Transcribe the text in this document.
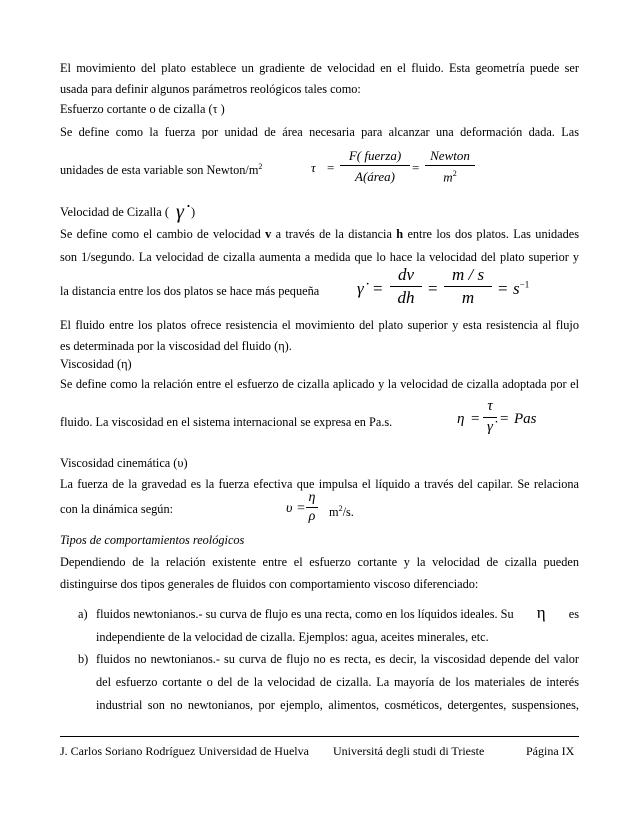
El movimiento del plato establece un gradiente de velocidad en el fluido. Esta geometría puede ser
usada para definir algunos parámetros reológicos tales como:
Esfuerzo cortante o de cizalla (τ )
Se define como la fuerza por unidad de área necesaria para alcanzar una deformación dada. Las
unidades de esta variable son Newton/$m^2$	τ =
F( fuerza)
A(área)
=
Newton
$m^2$
Velocidad de Cizalla ( γ̇ )
Se define como el cambio de velocidad v a través de la distancia h entre los dos platos. Las unidades
son 1/segundo. La velocidad de cizalla aumenta a medida que lo hace la velocidad del plato superior y
la distancia entre los dos platos se hace más pequeña γ̇ =
dv
dh =
m / s
m	= $s^{-1}$
El fluido entre los platos ofrece resistencia el movimiento del plato superior y esta resistencia al flujo
es determinada por la viscosidad del fluido (η).
Viscosidad (η)
Se define como la relación entre el esfuerzo de cizalla aplicado y la velocidad de cizalla adoptada por el
fluido. La viscosidad en el sistema internacional se expresa en Pa.s.	η =
τ
γ̇ = Pas
Viscosidad cinemática (υ)
La fuerza de la gravedad es la fuerza efectiva que impulsa el líquido a través del capilar. Se relaciona
con la dinámica según:	υ =
η
ρ $m^2/s$.
Tipos de comportamientos reológicos
Dependiendo de la relación existente entre el esfuerzo cortante y la velocidad de cizalla pueden
distinguirse dos tipos generales de fluidos con comportamiento viscoso diferenciado:
a) fluidos newtonianos.- su curva de flujo es una recta, como en los líquidos ideales. Su η es
independiente de la velocidad de cizalla. Ejemplos: agua, aceites minerales, etc.
b) fluidos no newtonianos.- su curva de flujo no es recta, es decir, la viscosidad depende del valor
del esfuerzo cortante o del de la velocidad de cizalla. La mayoría de los materiales de interés
industrial son no newtonianos, por ejemplo, alimentos, cosméticos, detergentes, suspensiones,
J. Carlos Soriano Rodríguez Universidad de Huelva Universitá degli studi di Trieste	Página IX
